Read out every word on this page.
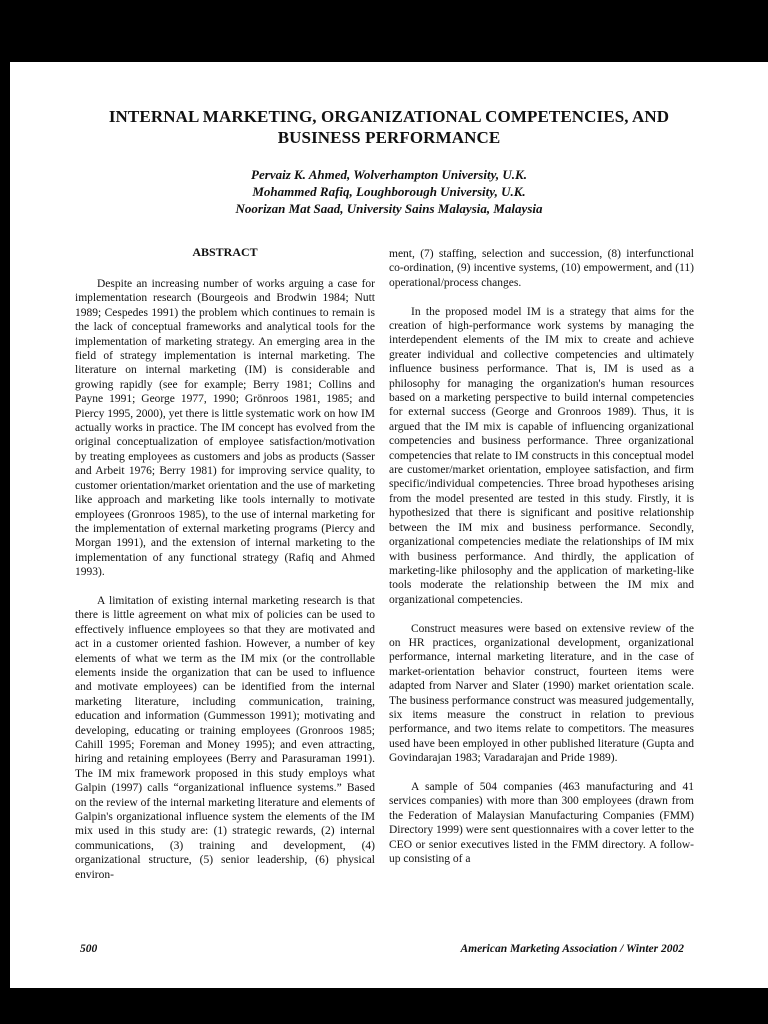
INTERNAL MARKETING, ORGANIZATIONAL COMPETENCIES, AND
BUSINESS PERFORMANCE
Pervaiz K. Ahmed, Wolverhampton University, U.K.
Mohammed Rafiq, Loughborough University, U.K.
Noorizan Mat Saad, University Sains Malaysia, Malaysia
ABSTRACT

Despite an increasing number of works arguing a case for implementation research (Bourgeois and Brodwin 1984; Nutt 1989; Cespedes 1991) the problem which continues to remain is the lack of conceptual frameworks and analytical tools for the implementation of marketing strategy. An emerging area in the field of strategy implementation is internal marketing. The literature on internal marketing (IM) is considerable and growing rapidly (see for example; Berry 1981; Collins and Payne 1991; George 1977, 1990; Grönroos 1981, 1985; and Piercy 1995, 2000), yet there is little systematic work on how IM actually works in practice. The IM concept has evolved from the original conceptualization of employee satisfaction/motivation by treating employees as customers and jobs as products (Sasser and Arbeit 1976; Berry 1981) for improving service quality, to customer orientation/market orientation and the use of marketing like approach and marketing like tools internally to motivate employees (Gronroos 1985), to the use of internal marketing for the implementation of external marketing programs (Piercy and Morgan 1991), and the extension of internal marketing to the implementation of any functional strategy (Rafiq and Ahmed 1993).

A limitation of existing internal marketing research is that there is little agreement on what mix of policies can be used to effectively influence employees so that they are motivated and act in a customer oriented fashion. However, a number of key elements of what we term as the IM mix (or the controllable elements inside the organization that can be used to influence and motivate employees) can be identified from the internal marketing literature, including communication, training, education and information (Gummesson 1991); motivating and developing, educating or training employees (Gronroos 1985; Cahill 1995; Foreman and Money 1995); and even attracting, hiring and retaining employees (Berry and Parasuraman 1991). The IM mix framework proposed in this study employs what Galpin (1997) calls “organizational influence systems.” Based on the review of the internal marketing literature and elements of Galpin's organizational influence system the elements of the IM mix used in this study are: (1) strategic rewards, (2) internal communications, (3) training and development, (4) organizational structure, (5) senior leadership, (6) physical environ-

ment, (7) staffing, selection and succession, (8) interfunctional co-ordination, (9) incentive systems, (10) empowerment, and (11) operational/process changes.

In the proposed model IM is a strategy that aims for the creation of high-performance work systems by managing the interdependent elements of the IM mix to create and achieve greater individual and collective competencies and ultimately influence business performance. That is, IM is used as a philosophy for managing the organization's human resources based on a marketing perspective to build internal competencies for external success (George and Gronroos 1989). Thus, it is argued that the IM mix is capable of influencing organizational competencies and business performance. Three organizational competencies that relate to IM constructs in this conceptual model are customer/market orientation, employee satisfaction, and firm specific/individual competencies. Three broad hypotheses arising from the model presented are tested in this study. Firstly, it is hypothesized that there is significant and positive relationship between the IM mix and business performance. Secondly, organizational competencies mediate the relationships of IM mix with business performance. And thirdly, the application of marketing-like philosophy and the application of marketing-like tools moderate the relationship between the IM mix and organizational competencies.

Construct measures were based on extensive review of the on HR practices, organizational development, organizational performance, internal marketing literature, and in the case of market-orientation behavior construct, fourteen items were adapted from Narver and Slater (1990) market orientation scale. The business performance construct was measured judgementally, six items measure the construct in relation to previous performance, and two items relate to competitors. The measures used have been employed in other published literature (Gupta and Govindarajan 1983; Varadarajan and Pride 1989).

A sample of 504 companies (463 manufacturing and 41 services companies) with more than 300 employees (drawn from the Federation of Malaysian Manufacturing Companies (FMM) Directory 1999) were sent questionnaires with a cover letter to the CEO or senior executives listed in the FMM directory. A follow-up consisting of a

500	American Marketing Association / Winter 2002
